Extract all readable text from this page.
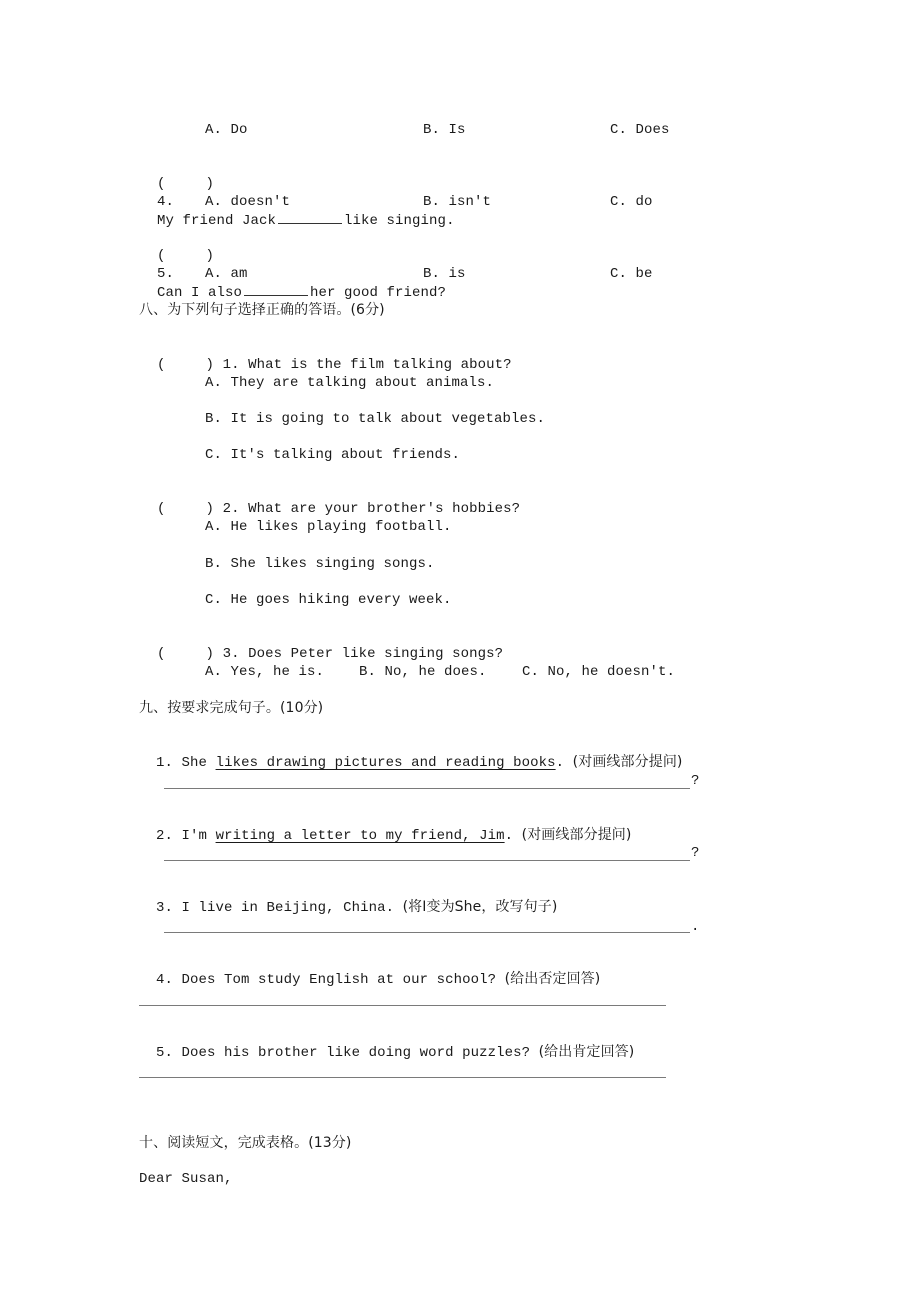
A. Do	B. Is	C. Does

(	)
4.
My friend Jack	like singing.

A. doesn't	B. isn't	C. do

(	)
5.
Can I also	her good friend?

A. am	B. is	C. be
八、为下列句子选择正确的答语。(6分)

(	) 1. What is the film talking about?

A. They are talking about animals.
B. It is going to talk about vegetables.
C. It's talking about friends.

(	) 2. What are your brother's hobbies?

A. He likes playing football.
B. She likes singing songs.
C. He goes hiking every week.

(	) 3. Does Peter like singing songs?

A. Yes, he is. B. No, he does.	C. No, he doesn't.
九、按要求完成句子。(10分)

1. She likes drawing pictures and reading books. (对画线部分提问)

?

2. I'm writing a letter to my friend, Jim. (对画线部分提问)

?

3. I live in Beijing, China. (将I变为She，改写句子)

.

4. Does Tom study English at our school? (给出否定回答)

5. Does his brother like doing word puzzles? (给出肯定回答)

十、阅读短文，完成表格。(13分)
Dear Susan,
